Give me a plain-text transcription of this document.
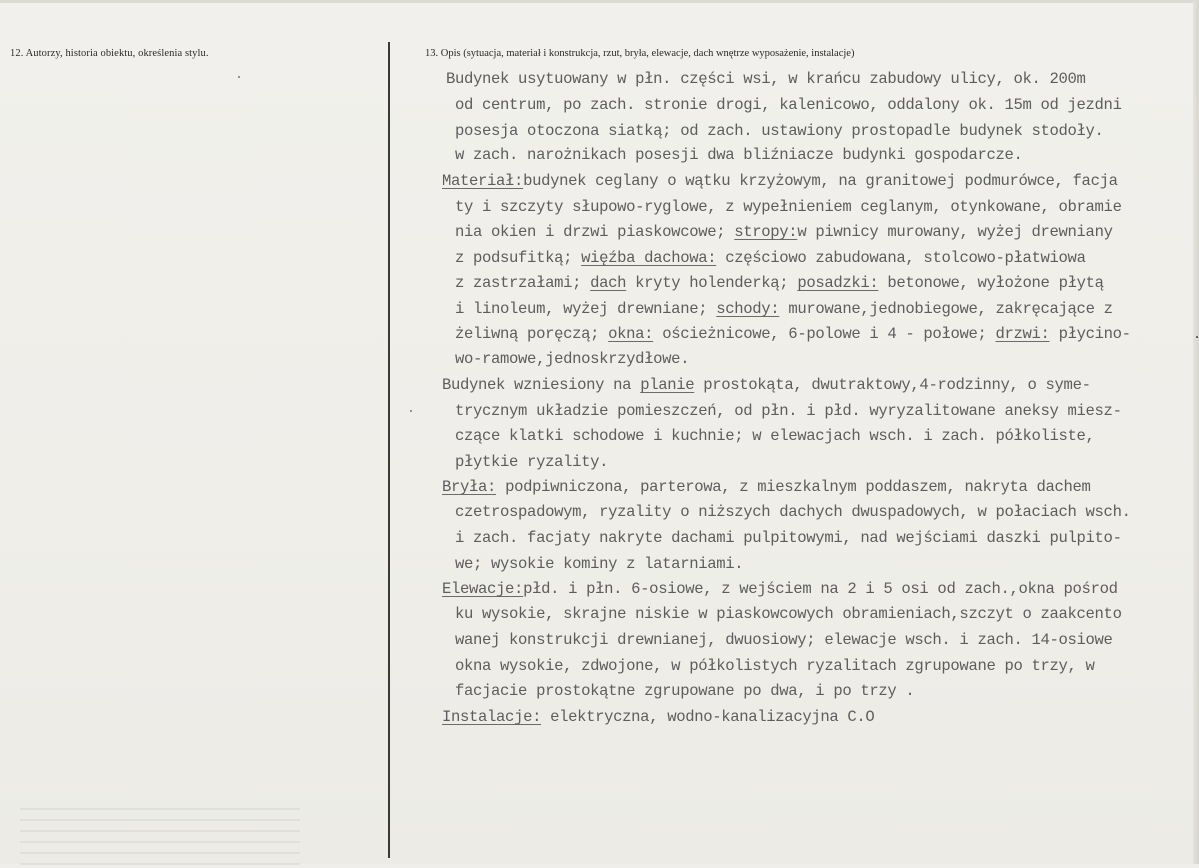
12. Autorzy, historia obiektu, określenia stylu.	13. Opis (sytuacja, materiał i konstrukcja, rzut, bryła, elewacje, dach wnętrze wyposażenie, instalacje)
Budynek usytuowany w płn. części wsi, w krańcu zabudowy ulicy, ok. 200m
od centrum, po zach. stronie drogi, kalenicowo, oddalony ok. 15m od jezdni
posesja otoczona siatką; od zach. ustawiony prostopadle budynek stodoły.
w zach. narożnikach posesji dwa bliźniacze budynki gospodarcze.
Materiał:budynek ceglany o wątku krzyżowym, na granitowej podmurówce, facja
ty i szczyty słupowo-ryglowe, z wypełnieniem ceglanym, otynkowane, obramie
nia okien i drzwi piaskowcowe; stropy:w piwnicy murowany, wyżej drewniany
z podsufitką; więźba dachowa: częściowo zabudowana, stolcowo-płatwiowa
z zastrzałami; dach kryty holenderką; posadzki: betonowe, wyłożone płytą
i linoleum, wyżej drewniane; schody: murowane,jednobiegowe, zakręcające z
żeliwną poręczą; okna: ościeżnicowe, 6-polowe i 4 - połowe; drzwi: płycino-
wo-ramowe,jednoskrzydłowe.
Budynek wzniesiony na planie prostokąta, dwutraktowy,4-rodzinny, o syme-
trycznym układzie pomieszczeń, od płn. i płd. wyryzalitowane aneksy miesz-
czące klatki schodowe i kuchnie; w elewacjach wsch. i zach. półkoliste,
płytkie ryzality.
Bryła: podpiwniczona, parterowa, z mieszkalnym poddaszem, nakryta dachem
czetrospadowym, ryzality o niższych dachych dwuspadowych, w połaciach wsch.
i zach. facjaty nakryte dachami pulpitowymi, nad wejściami daszki pulpito-
we; wysokie kominy z latarniami.
Elewacje:płd. i płn. 6-osiowe, z wejściem na 2 i 5 osi od zach.,okna pośrod
ku wysokie, skrajne niskie w piaskowcowych obramieniach,szczyt o zaakcento
wanej konstrukcji drewnianej, dwuosiowy; elewacje wsch. i zach. 14-osiowe
okna wysokie, zdwojone, w półkolistych ryzalitach zgrupowane po trzy, w
facjacie prostokątne zgrupowane po dwa, i po trzy .
Instalacje: elektryczna, wodno-kanalizacyjna C.O
